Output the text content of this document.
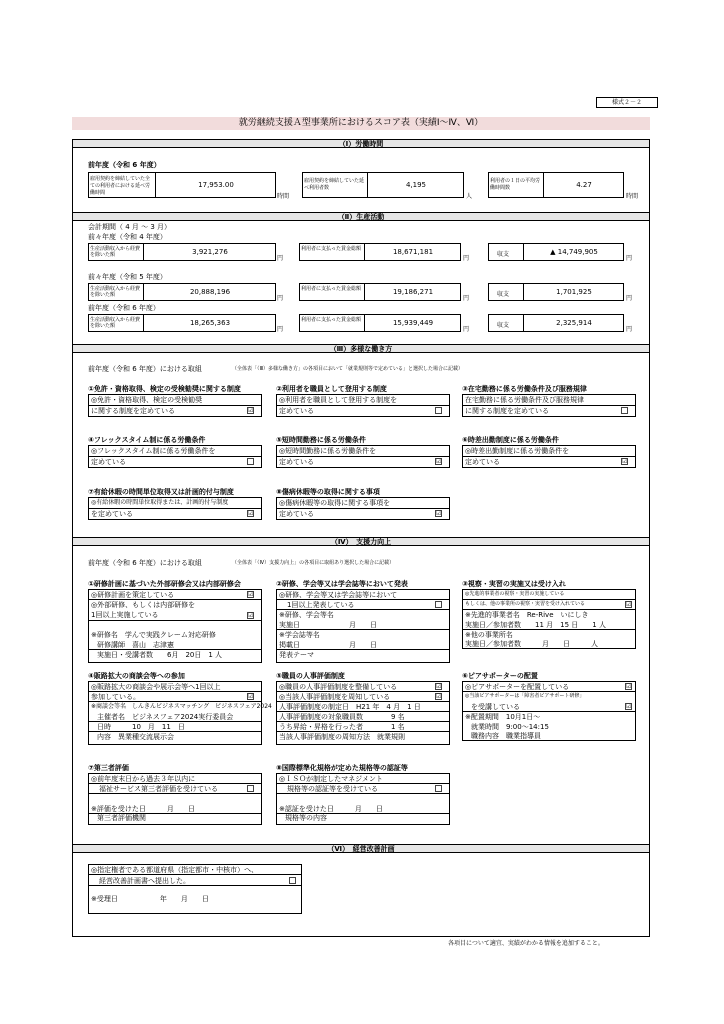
様式２－２
就労継続支援Ａ型事業所におけるスコア表（実績Ⅰ～Ⅳ、Ⅵ）
（Ⅰ）労働時間
前年度（令和 6 年度）
雇用契約を締結していた全ての利用者における延べ労働時間
17,953.00
時間
雇用契約を締結していた延べ利用者数	4,195
人
利用者の１日の平均労働時間数	4.27
時間
（Ⅱ）生産活動
会計期間（ 4 月 ～ 3 月）
前々年度（令和 4 年度）
生産活動収入から経費を除いた額	3,921,276
円
利用者に支払った賃金総額	18,671,181
円
収支	▲ 14,749,905
円
前々年度（令和 5 年度）
生産活動収入から経費を除いた額	20,888,196
円
利用者に支払った賃金総額	19,186,271
円
収支	1,701,925
円
前年度（令和 6 年度）
生産活動収入から経費を除いた額	18,265,363
円
利用者に支払った賃金総額	15,939,449
円
収支	2,325,914
円
（Ⅲ）多様な働き方
前年度（令和 6 年度）における取組	（全体表「（Ⅲ）多様な働き方」の各項目において「就業規則等で定めている」と選択した場合に記載）
①免許・資格取得、検定の受検勧奨に関する制度
◎免許・資格取得、検定の受検勧奨
に関する制度を定めている	☑
②利用者を職員として登用する制度
◎利用者を職員として登用する制度を
定めている
③在宅勤務に係る労働条件及び服務規律
在宅勤務に係る労働条件及び服務規律
に関する制度を定めている
④フレックスタイム制に係る労働条件
◎フレックスタイム制に係る労働条件を
定めている
⑤短時間勤務に係る労働条件
◎短時間勤務に係る労働条件を
定めている	☑
⑥時差出勤制度に係る労働条件
◎時差出勤制度に係る労働条件を
定めている	☑
⑦有給休暇の時間単位取得又は計画的付与制度
◎有給休暇の時間単位取得または、計画的付与制度
を定めている	☑
⑧傷病休暇等の取得に関する事項
◎傷病休暇等の取得に関する事項を
定めている	☑
（Ⅳ）　支援力向上
前年度（令和 6 年度）における取組	（全体表「（Ⅳ）支援力向上」の各項目に取組あり選択した場合に記載）
①研修計画に基づいた外部研修会又は内部研修会
◎研修計画を策定している	☑
◎外部研修、もしくは内部研修を
1回以上実施している	☑
※研修名　学んで実践クレーム対応研修
研修講師　喜山　志津憲
実施日・受講者数　　6月　20日　1 人
②研修、学会等又は学会誌等において発表
◎研修、学会等又は学会誌等において
1回以上発表している
※研修、学会等名
実施日　　　　　　　月　　日
※学会誌等名
掲載日　　　　　　　月　　日
発表テーマ
③視察・実習の実施又は受け入れ
◎先進的事業者の視察・実習の実施している
もしくは、他の事業所の視察・実習を受け入れている	☑
※先進的事業者名　Re-Rive　いにしき
実施日／参加者数　　11 月　15 日　　1 人
※他の事業所名
実施日／参加者数　　　月　　日　　　人
④販路拡大の商談会等への参加
◎販路拡大の商談会や展示会等へ1回以上
参加している。	☑
※商談会等名　しんきんビジネスマッチング　ビジネスフェア2024
主催者名　ビジネスフェア2024実行委員会
日時　　　10　月　11　日
内容　異業種交流展示会
⑤職員の人事評価制度
◎職員の人事評価制度を整備している	☑
◎当該人事評価制度を周知している	☑
人事評価制度の制定日　H21 年　4 月　1 日
人事評価制度の対象職員数　　　　9 名
うち昇給・昇格を行った者　　　　1 名
当該人事評価制度の周知方法　就業規則
⑥ピアサポーターの配置
◎ピアサポーターを配置している	☑
◎当該ピアサポーターは「障害者ピアサポート研修」
を受講している	☑
※配置期間　10月1日～
就業時間　9:00～14:15
職務内容　職業指導員
⑦第三者評価
◎前年度末日から過去３年以内に
福祉サービス第三者評価を受けている
※評価を受けた日　　　月　　日
第三者評価機関
⑧国際標準化規格が定めた規格等の認証等
◎ＩＳＯが制定したマネジメント
規格等の認証等を受けている
※認証を受けた日　　　月　　日
規格等の内容
（Ⅵ）　経営改善計画
◎指定権者である都道府県（指定都市・中核市）へ、
経営改善計画書へ提出した。
※受理日　　　　　　年　　月　　日
各項目について適宜、実績がわかる情報を追加すること。
